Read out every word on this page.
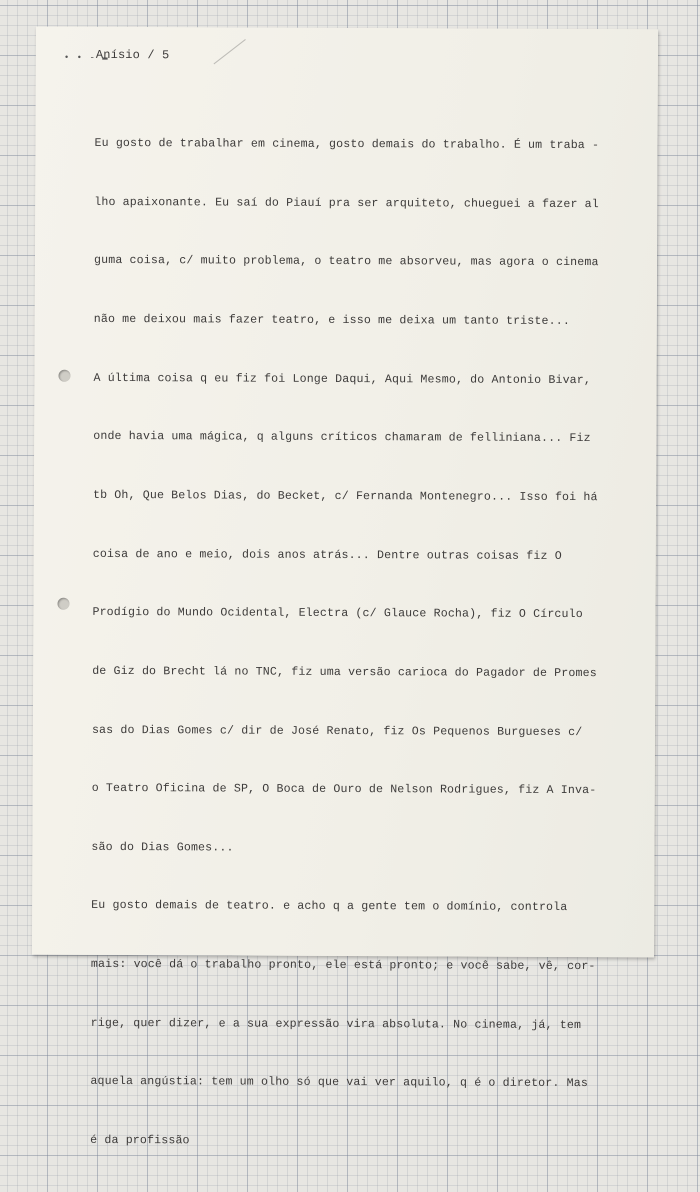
• • - ▬
Anísio / 5

Eu gosto de trabalhar em cinema, gosto demais do trabalho. É um traba -

lho apaixonante. Eu saí do Piauí pra ser arquiteto, chueguei a fazer al

guma coisa, c/ muito problema, o teatro me absorveu, mas agora o cinema

não me deixou mais fazer teatro, e isso me deixa um tanto triste...

A última coisa q eu fiz foi Longe Daqui, Aqui Mesmo, do Antonio Bivar,

onde havia uma mágica, q alguns críticos chamaram de felliniana... Fiz

tb Oh, Que Belos Dias, do Becket, c/ Fernanda Montenegro... Isso foi há

coisa de ano e meio, dois anos atrás... Dentre outras coisas fiz O

Prodígio do Mundo Ocidental, Electra (c/ Glauce Rocha), fiz O Círculo

de Giz do Brecht lá no TNC, fiz uma versão carioca do Pagador de Promes

sas do Dias Gomes c/ dir de José Renato, fiz Os Pequenos Burgueses c/

o Teatro Oficina de SP, O Boca de Ouro de Nelson Rodrigues, fiz A Inva-

são do Dias Gomes...

Eu gosto demais de teatro. e acho q a gente tem o domínio, controla

mais: você dá o trabalho pronto, ele está pronto; e você sabe, vê, cor-

rige, quer dizer, e a sua expressão vira absoluta. No cinema, já, tem

aquela angústia: tem um olho só que vai ver aquilo, q é o diretor. Mas

é da profissão
